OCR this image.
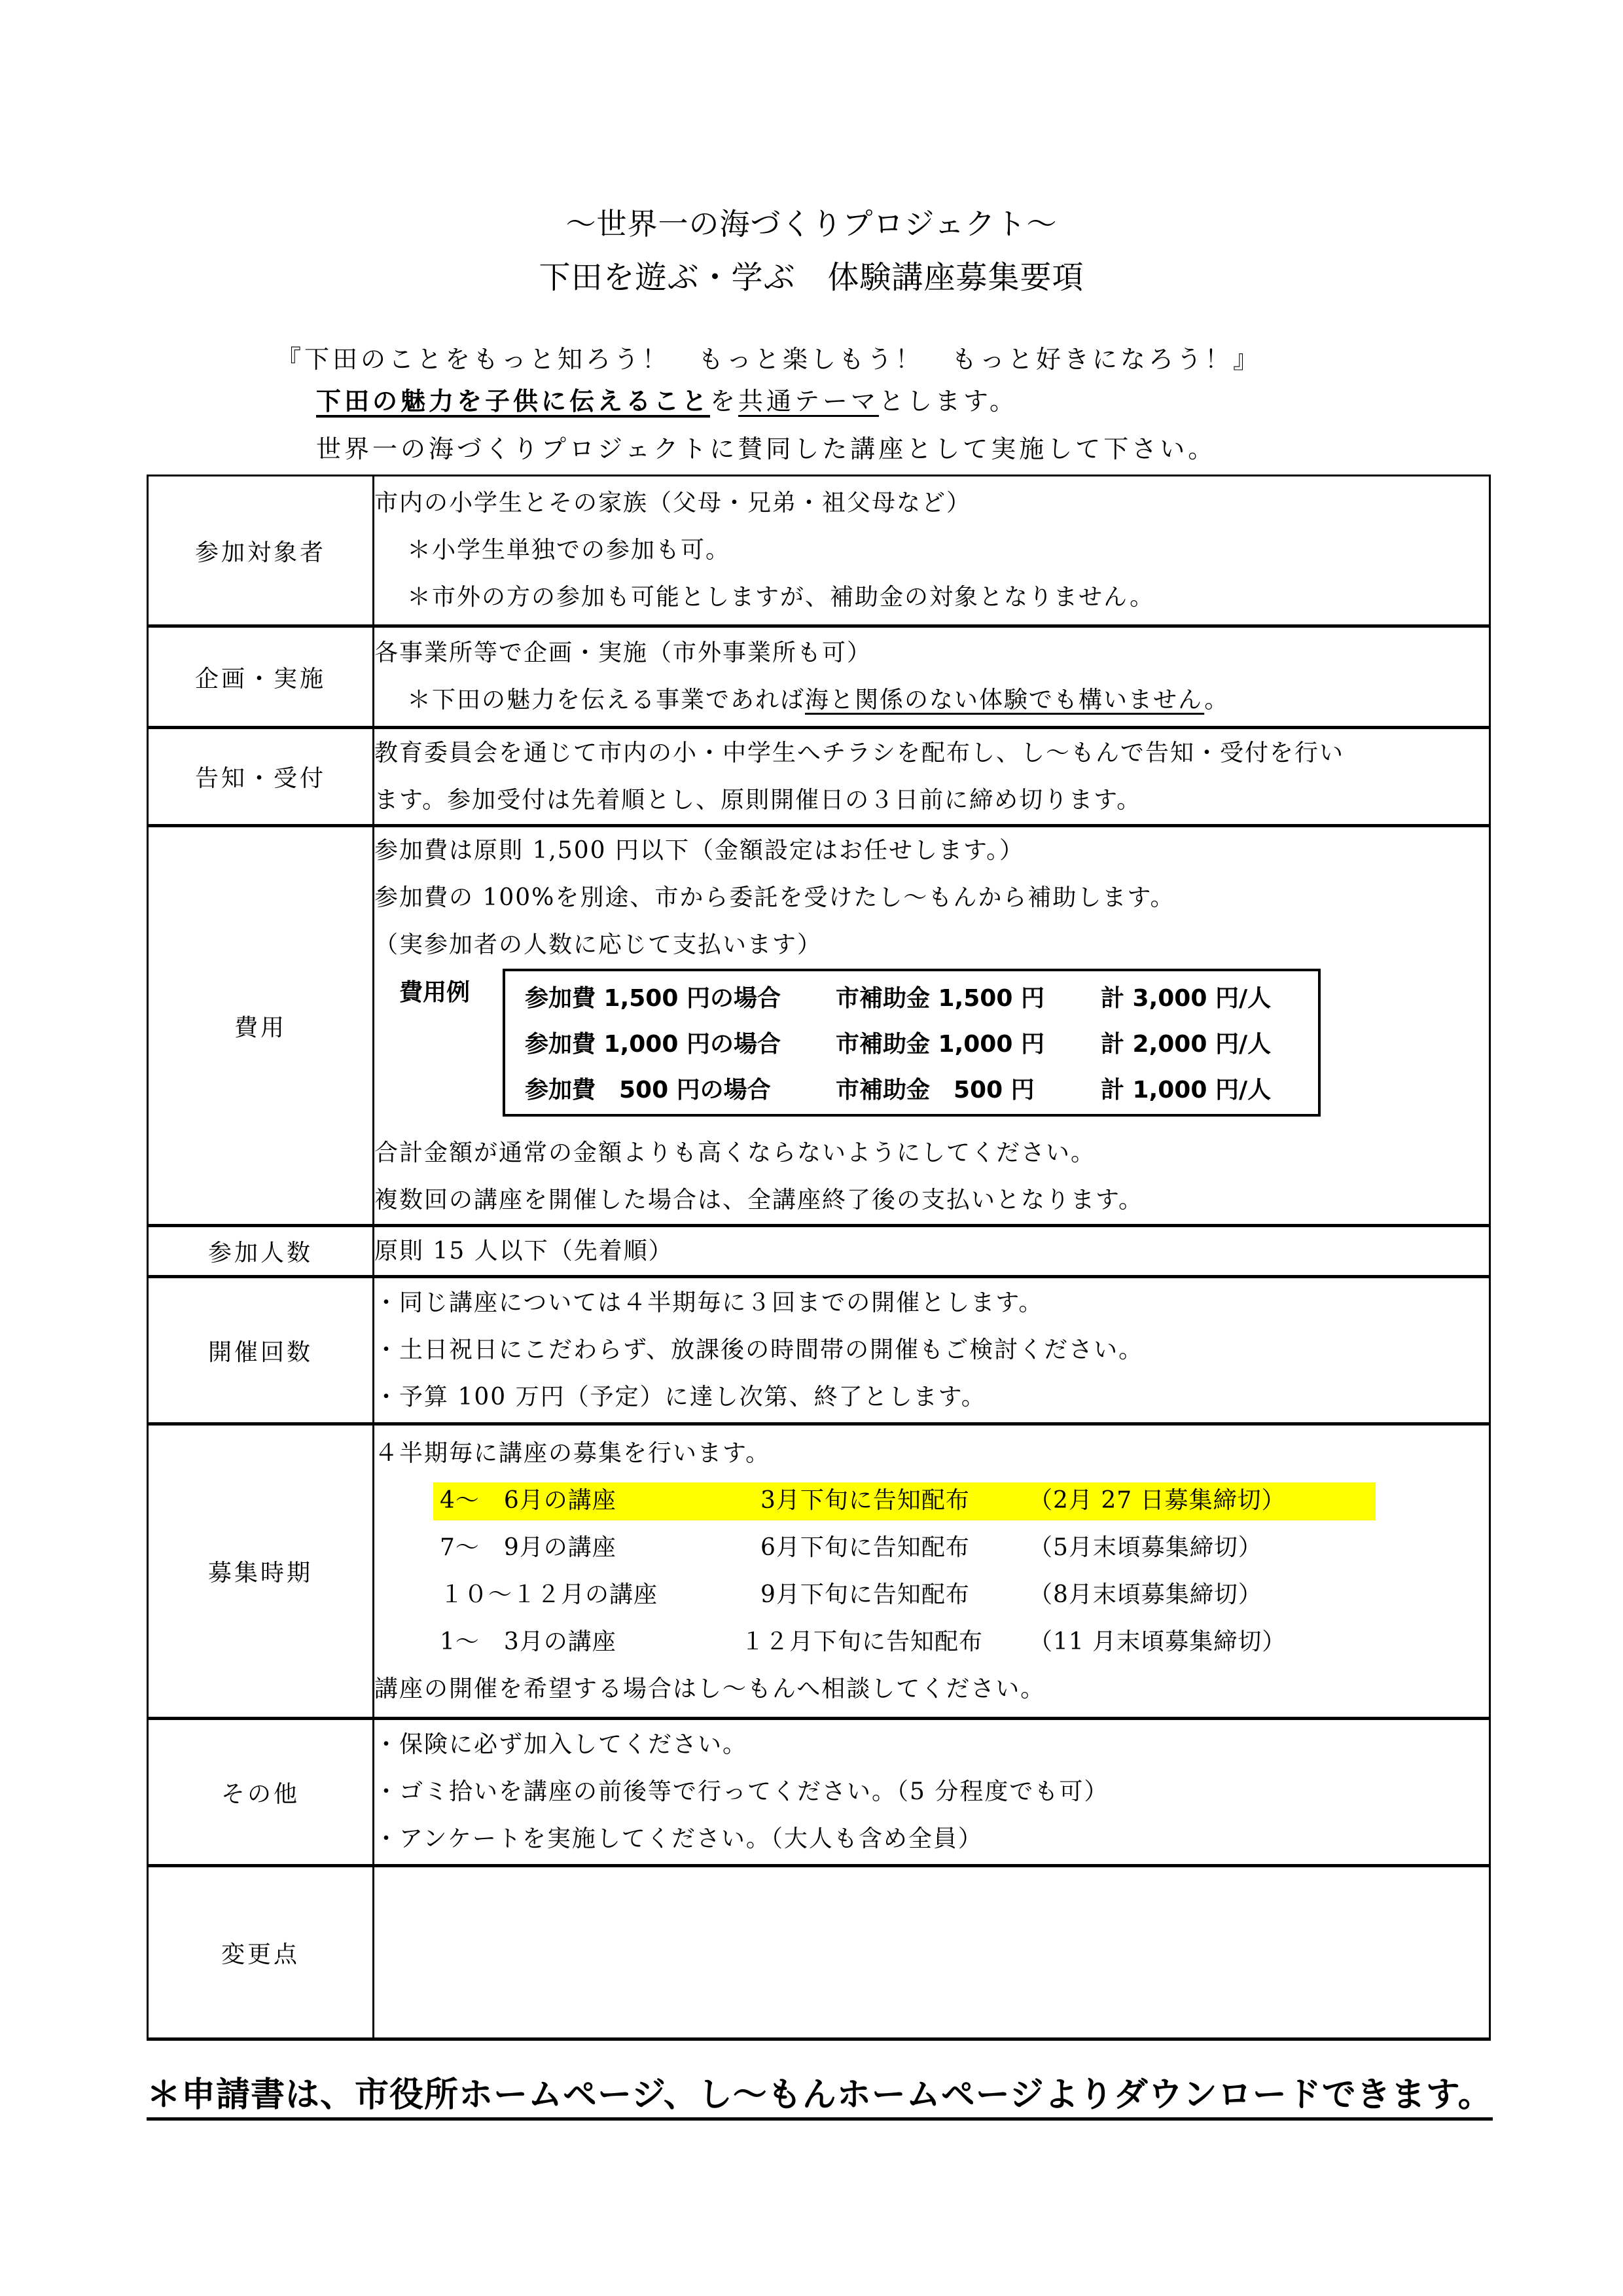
～世界一の海づくりプロジェクト～
下田を遊ぶ・学ぶ　体験講座募集要項
『下田のことをもっと知ろう！　もっと楽しもう！　もっと好きになろう！』
下田の魅力を子供に伝えることを共通テーマとします。
世界一の海づくりプロジェクトに賛同した講座として実施して下さい。
参加対象者	市内の小学生とその家族（父母・兄弟・祖父母など）
＊小学生単独での参加も可。
＊市外の方の参加も可能としますが、補助金の対象となりません。

企画・実施	各事業所等で企画・実施（市外事業所も可）
＊下田の魅力を伝える事業であれば海と関係のない体験でも構いません。

告知・受付	教育委員会を通じて市内の小・中学生へチラシを配布し、し～もんで告知・受付を行い
ます。参加受付は先着順とし、原則開催日の３日前に締め切ります。

費用	
参加費は原則 1,500 円以下（金額設定はお任せします。）
参加費の 100%を別途、市から委託を受けたし～もんから補助します。
（実参加者の人数に応じて支払います）
費用例 参加費 1,500 円の場合 市補助金 1,500 円 計 3,000 円/人
参加費 1,000 円の場合 市補助金 1,000 円 計 2,000 円/人
参加費　500 円の場合	市補助金　500 円	計 1,000 円/人
合計金額が通常の金額よりも高くならないようにしてください。
複数回の講座を開催した場合は、全講座終了後の支払いとなります。

参加人数	原則 15 人以下（先着順）

開催回数	・同じ講座については４半期毎に３回までの開催とします。
・土日祝日にこだわらず、放課後の時間帯の開催もご検討ください。
・予算 100 万円（予定）に達し次第、終了とします。

募集時期	
４半期毎に講座の募集を行います。
4～　6月の講座	3月下旬に告知配布	（2月 27 日募集締切）
7～　9月の講座	6月下旬に告知配布	（5月末頃募集締切）
１０～１２月の講座	9月下旬に告知配布	（8月末頃募集締切）
1～　3月の講座	１２月下旬に告知配布 （11 月末頃募集締切）
講座の開催を希望する場合はし～もんへ相談してください。

その他	・保険に必ず加入してください。
・ゴミ拾いを講座の前後等で行ってください。（5 分程度でも可）
・アンケートを実施してください。（大人も含め全員）

変更点	
＊申請書は、市役所ホームページ、し～もんホームページよりダウンロードできます。
